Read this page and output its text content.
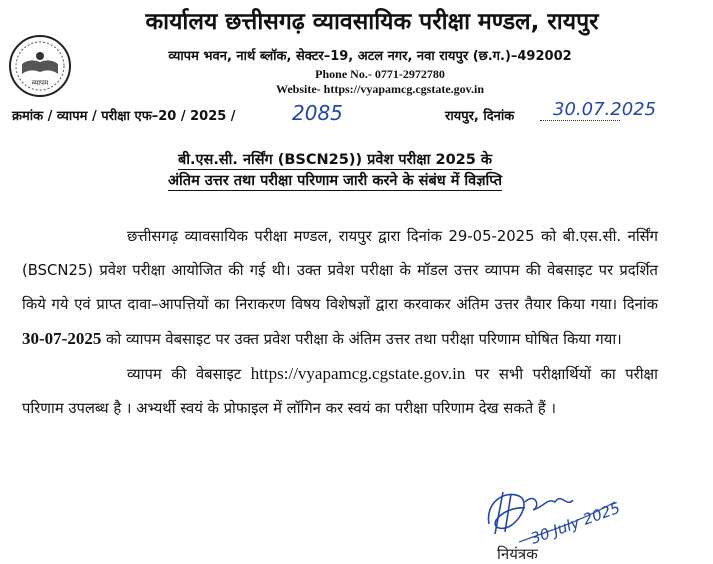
व्यापम
कार्यालय छत्तीसगढ़ व्यावसायिक परीक्षा मण्डल, रायपुर
व्यापम भवन, नार्थ ब्लॉक, सेक्टर–19, अटल नगर, नवा रायपुर (छ.ग.)–492002
Phone No.- 0771-2972780
Website- https://vyapamcg.cgstate.gov.in
क्रमांक / व्यापम / परीक्षा एफ–20 / 2025 /	2085	रायपुर, दिनांक 30.07.2025
बी.एस.सी. नर्सिंग (BSCN25)) प्रवेश परीक्षा 2025 के
अंतिम उत्तर तथा परीक्षा परिणाम जारी करने के संबंध में विज्ञप्ति

छत्तीसगढ़ व्यावसायिक परीक्षा मण्डल, रायपुर द्वारा दिनांक 29-05-2025 को बी.एस.सी. नर्सिंग (BSCN25) प्रवेश परीक्षा आयोजित की गई थी। उक्त प्रवेश परीक्षा के मॉडल उत्तर व्यापम की वेबसाइट पर प्रदर्शित किये गये एवं प्राप्त दावा–आपत्तियों का निराकरण विषय विशेषज्ञों द्वारा करवाकर अंतिम उत्तर तैयार किया गया। दिनांक 30-07-2025 को व्यापम वेबसाइट पर उक्त प्रवेश परीक्षा के अंतिम उत्तर तथा परीक्षा परिणाम घोषित किया गया।

व्यापम की वेबसाइट https://vyapamcg.cgstate.gov.in पर सभी परीक्षार्थियों का परीक्षा परिणाम उपलब्ध है । अभ्यर्थी स्वयं के प्रोफाइल में लॉगिन कर स्वयं का परीक्षा परिणाम देख सकते हैं ।

30 July 2025
नियंत्रक
